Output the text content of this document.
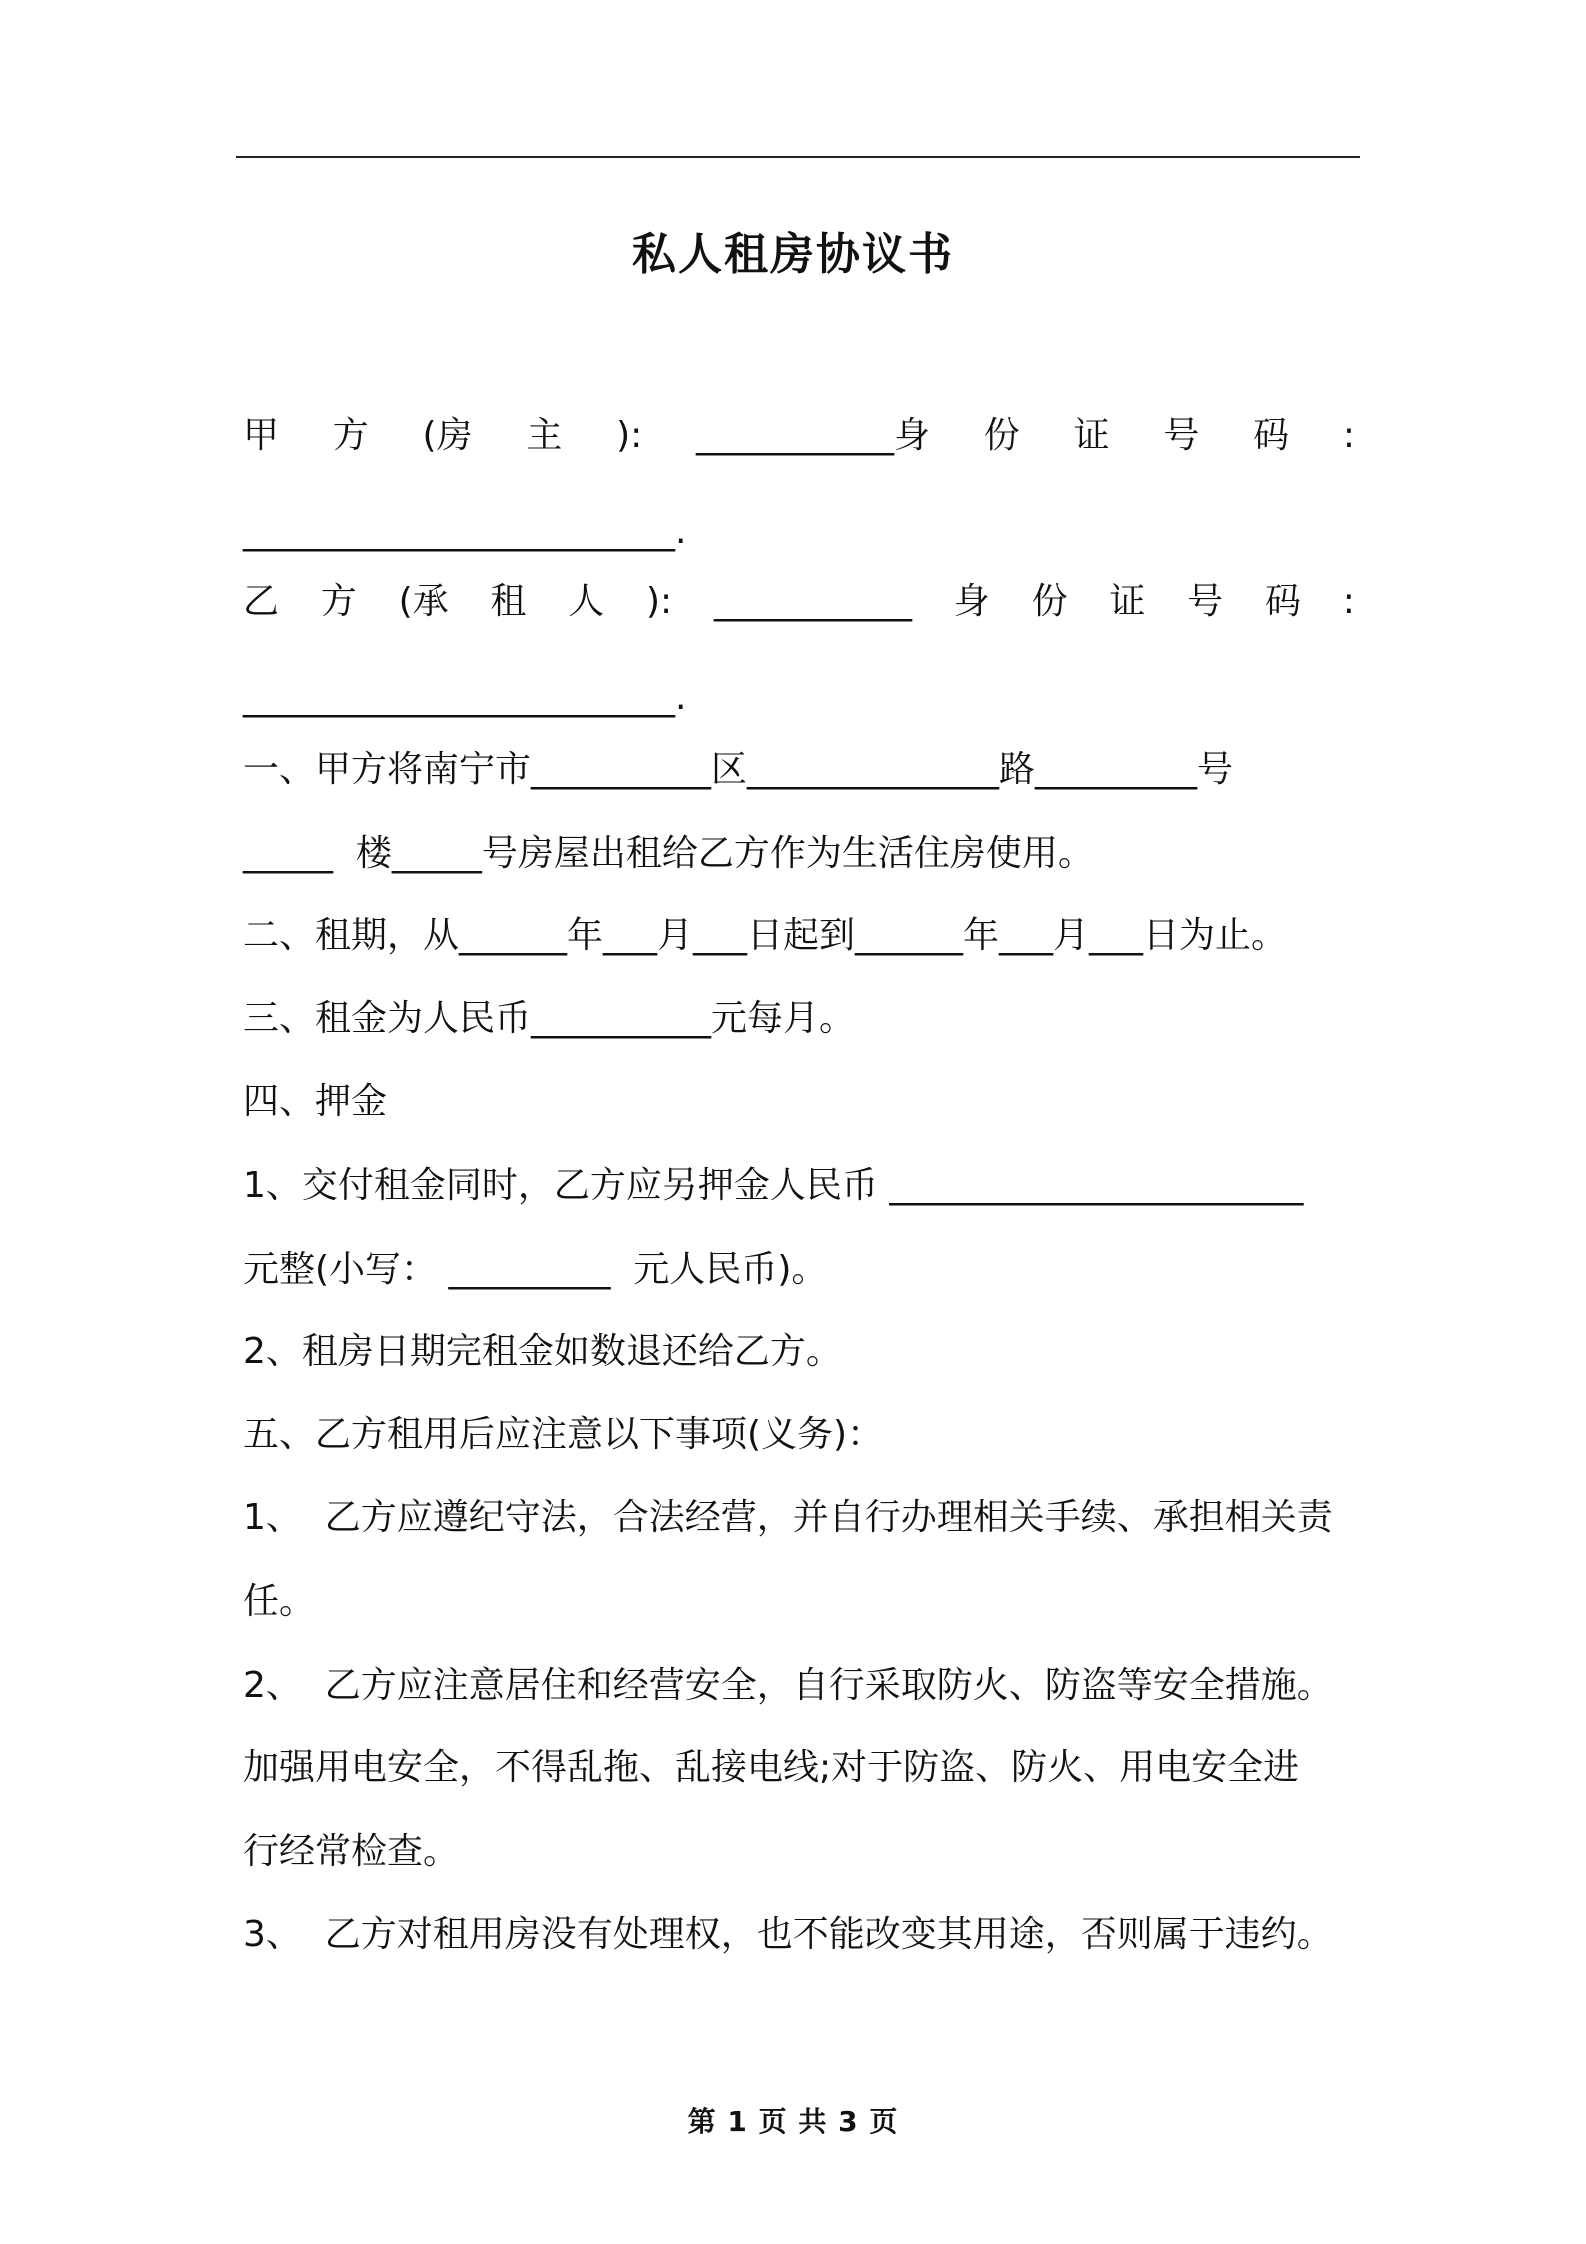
私人租房协议书
甲 方 (房 主 ): ___________身 份 证 号 码 :
________________________.
乙 方 (承 租 人 ): ___________ 身 份 证 号 码 :
________________________.
一、甲方将南宁市__________区______________路_________号
_____  楼_____号房屋出租给乙方作为生活住房使用。
二、租期，从______年___月___日起到______年___月___日为止。
三、租金为人民币__________元每月。
四、押金
1、交付租金同时，乙方应另押金人民币 _______________________
元整(小写： _________  元人民币)。
2、租房日期完租金如数退还给乙方。
五、乙方租用后应注意以下事项(义务)：
1、  乙方应遵纪守法，合法经营，并自行办理相关手续、承担相关责
任。
2、  乙方应注意居住和经营安全，自行采取防火、防盗等安全措施。
加强用电安全，不得乱拖、乱接电线;对于防盗、防火、用电安全进
行经常检查。
3、  乙方对租用房没有处理权，也不能改变其用途，否则属于违约。
第 1 页 共 3 页
